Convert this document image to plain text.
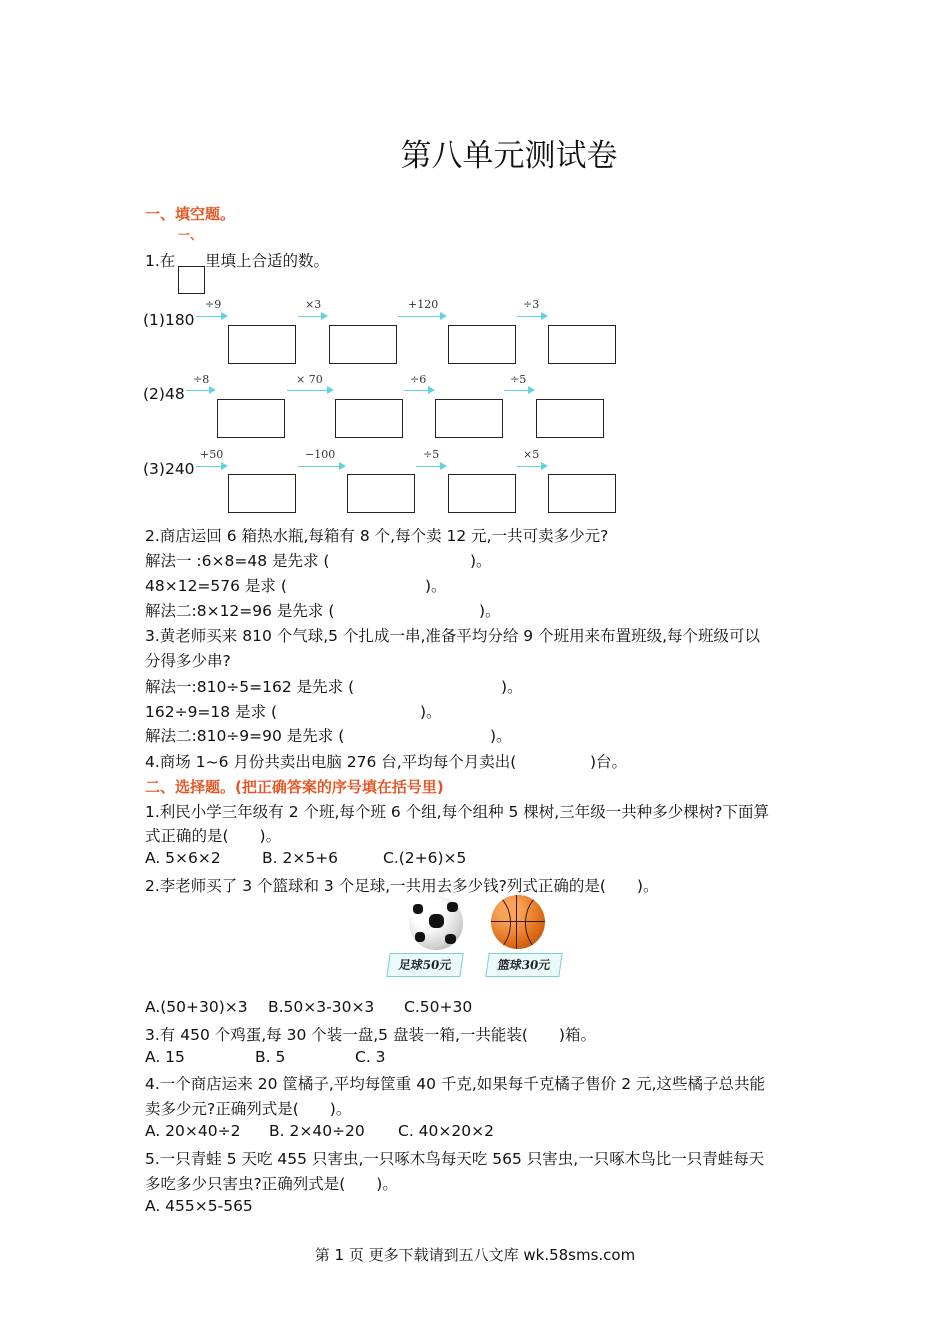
第八单元测试卷
一、填空题。
一、
1.在 里填上合适的数。
(1)180
÷9	×3	+120	÷3
(2)48
÷8	× 70	÷6	÷5
(3)240
+50	−100	÷5	×5
2.商店运回 6 箱热水瓶,每箱有 8 个,每个卖 12 元,一共可卖多少元?
解法一 :6×8=48 是先求 (	)。
48×12=576 是求 (	)。
解法二:8×12=96 是先求 (	)。
3.黄老师买来 810 个气球,5 个扎成一串,准备平均分给 9 个班用来布置班级,每个班级可以
分得多少串?
解法一:810÷5=162 是先求 (	)。
162÷9=18 是求 (	)。
解法二:810÷9=90 是先求 (	)。
4.商场 1~6 月份共卖出电脑 276 台,平均每个月卖出(	)台。
二、选择题。(把正确答案的序号填在括号里)
1.利民小学三年级有 2 个班,每个班 6 个组,每个组种 5 棵树,三年级一共种多少棵树?下面算
式正确的是(　　)。
A. 5×6×2	B. 2×5+6	C.(2+6)×5
2.李老师买了 3 个篮球和 3 个足球,一共用去多少钱?列式正确的是(　　)。
足球50元	篮球30元
A.(50+30)×3 B.50×3-30×3 C.50+30
3.有 450 个鸡蛋,每 30 个装一盘,5 盘装一箱,一共能装(　　)箱。
A. 15	B. 5	C. 3
4.一个商店运来 20 筐橘子,平均每筐重 40 千克,如果每千克橘子售价 2 元,这些橘子总共能
卖多少元?正确列式是(　　)。
A. 20×40÷2 B. 2×40÷20 C. 40×20×2
5.一只青蛙 5 天吃 455 只害虫,一只啄木鸟每天吃 565 只害虫,一只啄木鸟比一只青蛙每天
多吃多少只害虫?正确列式是(　　)。
A. 455×5-565
第 1 页 更多下载请到五八文库 wk.58sms.com
